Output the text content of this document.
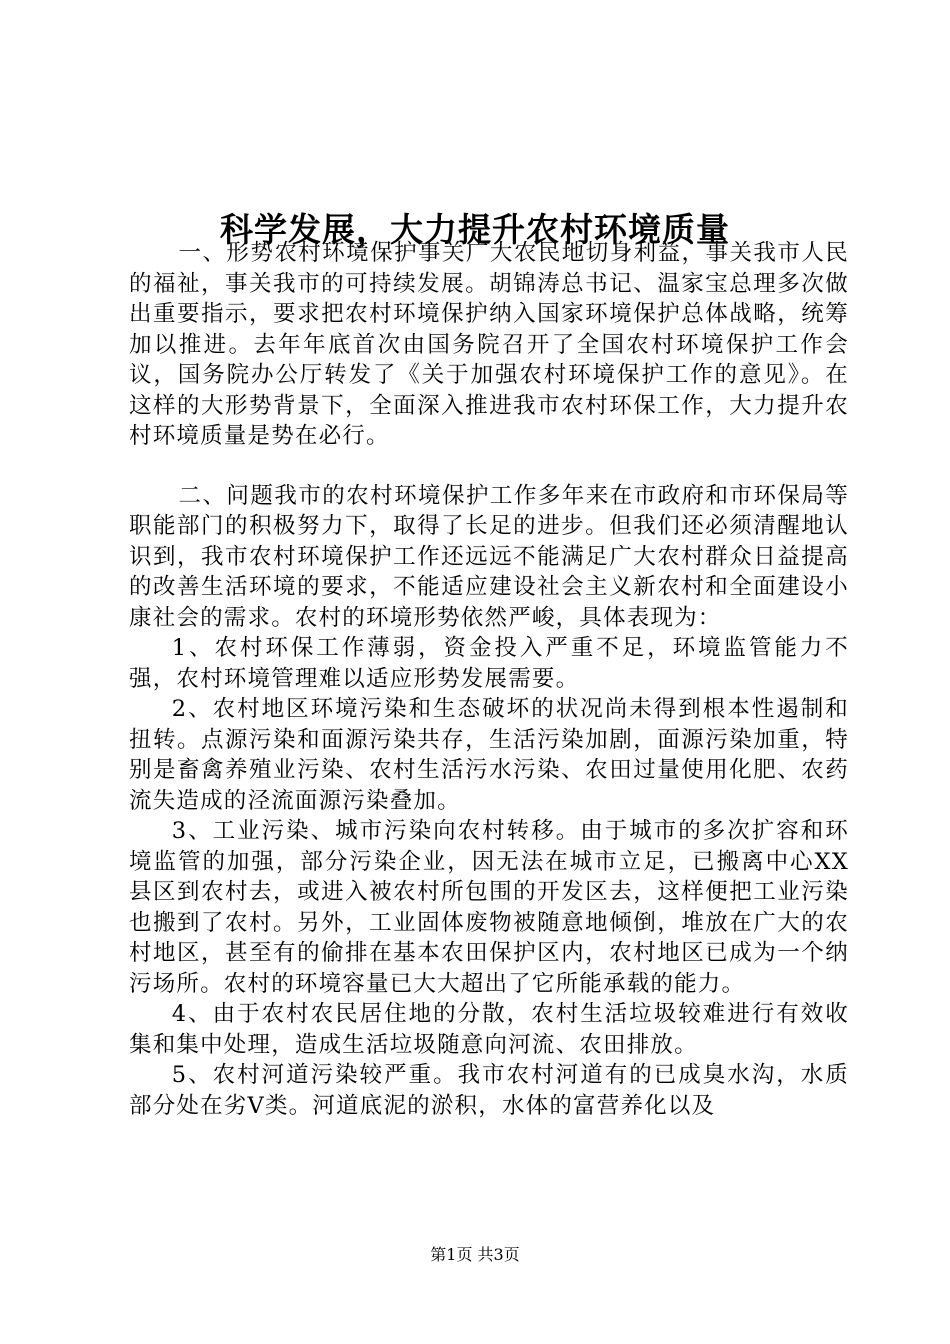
科学发展，大力提升农村环境质量

一、形势农村环境保护事关广大农民地切身利益，事关我市人民的福祉，事关我市的可持续发展。胡锦涛总书记、温家宝总理多次做出重要指示，要求把农村环境保护纳入国家环境保护总体战略，统筹加以推进。去年年底首次由国务院召开了全国农村环境保护工作会议，国务院办公厅转发了《关于加强农村环境保护工作的意见》。在这样的大形势背景下，全面深入推进我市农村环保工作，大力提升农村环境质量是势在必行。

二、问题我市的农村环境保护工作多年来在市政府和市环保局等职能部门的积极努力下，取得了长足的进步。但我们还必须清醒地认识到，我市农村环境保护工作还远远不能满足广大农村群众日益提高的改善生活环境的要求，不能适应建设社会主义新农村和全面建设小康社会的需求。农村的环境形势依然严峻，具体表现为：

1、农村环保工作薄弱，资金投入严重不足，环境监管能力不强，农村环境管理难以适应形势发展需要。

2、农村地区环境污染和生态破坏的状况尚未得到根本性遏制和扭转。点源污染和面源污染共存，生活污染加剧，面源污染加重，特别是畜禽养殖业污染、农村生活污水污染、农田过量使用化肥、农药流失造成的泾流面源污染叠加。

3、工业污染、城市污染向农村转移。由于城市的多次扩容和环境监管的加强，部分污染企业，因无法在城市立足，已搬离中心XX县区到农村去，或进入被农村所包围的开发区去，这样便把工业污染也搬到了农村。另外，工业固体废物被随意地倾倒，堆放在广大的农村地区，甚至有的偷排在基本农田保护区内，农村地区已成为一个纳污场所。农村的环境容量已大大超出了它所能承载的能力。

4、由于农村农民居住地的分散，农村生活垃圾较难进行有效收集和集中处理，造成生活垃圾随意向河流、农田排放。

5、农村河道污染较严重。我市农村河道有的已成臭水沟，水质部分处在劣Ⅴ类。河道底泥的淤积，水体的富营养化以及

第1页 共3页
